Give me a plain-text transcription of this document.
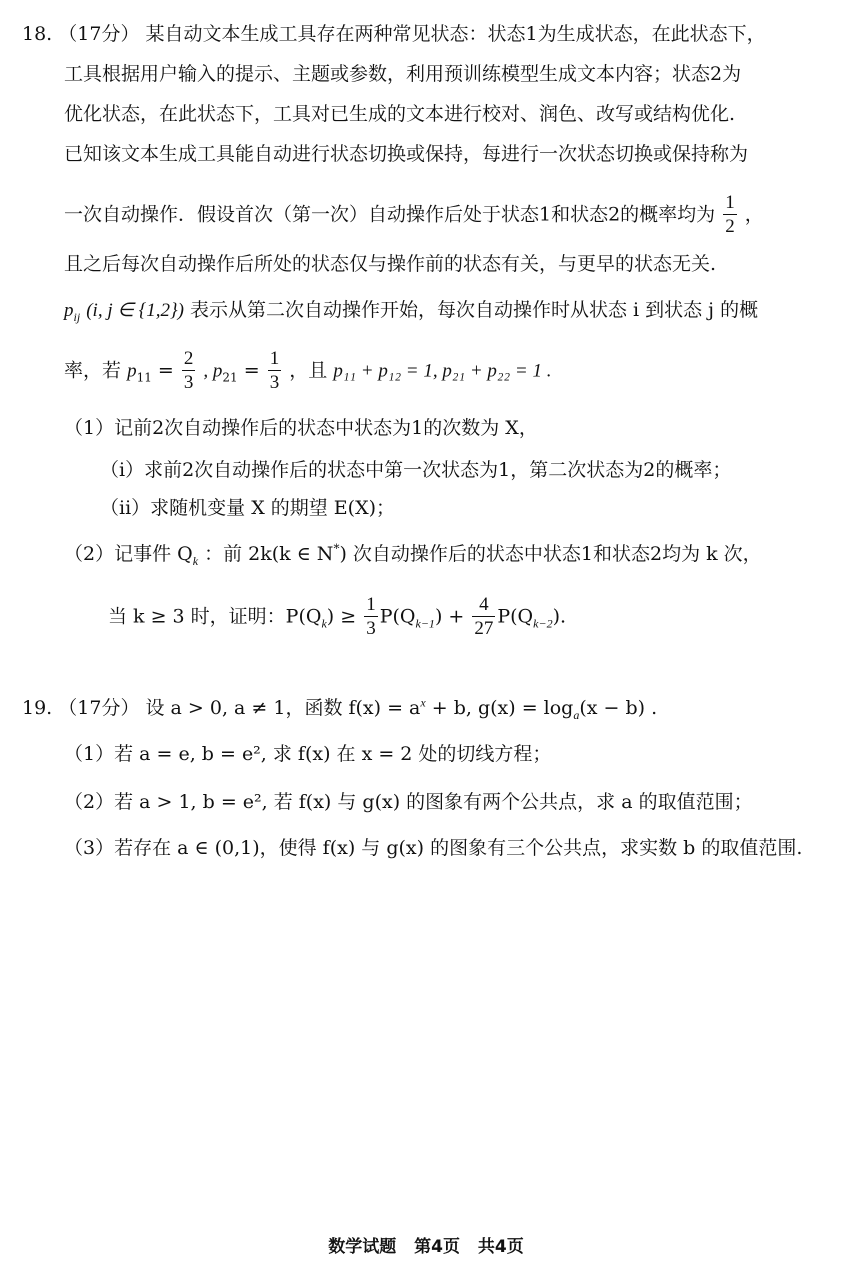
18. （17分） 某自动文本生成工具存在两种常见状态：状态1为生成状态，在此状态下，
工具根据用户输入的提示、主题或参数，利用预训练模型生成文本内容；状态2为
优化状态，在此状态下，工具对已生成的文本进行校对、润色、改写或结构优化.
已知该文本生成工具能自动进行状态切换或保持，每进行一次状态切换或保持称为
一次自动操作．假设首次（第一次）自动操作后处于状态1和状态2的概率均为 $\frac{1}{2}$ ，
且之后每次自动操作后所处的状态仅与操作前的状态有关，与更早的状态无关.
$p_{ij}$ (i, j ∈ {1,2}) 表示从第二次自动操作开始，每次自动操作时从状态 i 到状态 j 的概
率，若 $p_{11} = \frac{2}{3}$ , $p_{21} = \frac{1}{3}$ ，且 p₁₁ + p₁₂ = 1, p₂₁ + p₂₂ = 1 .
（1）记前2次自动操作后的状态中状态为1的次数为 X，
（i）求前2次自动操作后的状态中第一次状态为1，第二次状态为2的概率；
（ii）求随机变量 X 的期望 E(X)；
（2）记事件 $Q_k$ ：前 2k(k ∈ N*) 次自动操作后的状态中状态1和状态2均为 k 次，
当 k ≥ 3 时，证明：$P(Q_k) \ge \frac{1}{3} P(Q_{k-1}) + \frac{4}{27} P(Q_{k-2})$.
19. （17分） 设 a > 0, a ≠ 1，函数 $f(x) = a^x + b$, $g(x) = \log_a(x - b)$ .
（1）若 a = e, b = e², 求 f(x) 在 x = 2 处的切线方程；
（2）若 a > 1, b = e², 若 f(x) 与 g(x) 的图象有两个公共点，求 a 的取值范围；
（3）若存在 a ∈ (0,1)，使得 f(x) 与 g(x) 的图象有三个公共点，求实数 b 的取值范围.
数学试题 第4页 共4页
